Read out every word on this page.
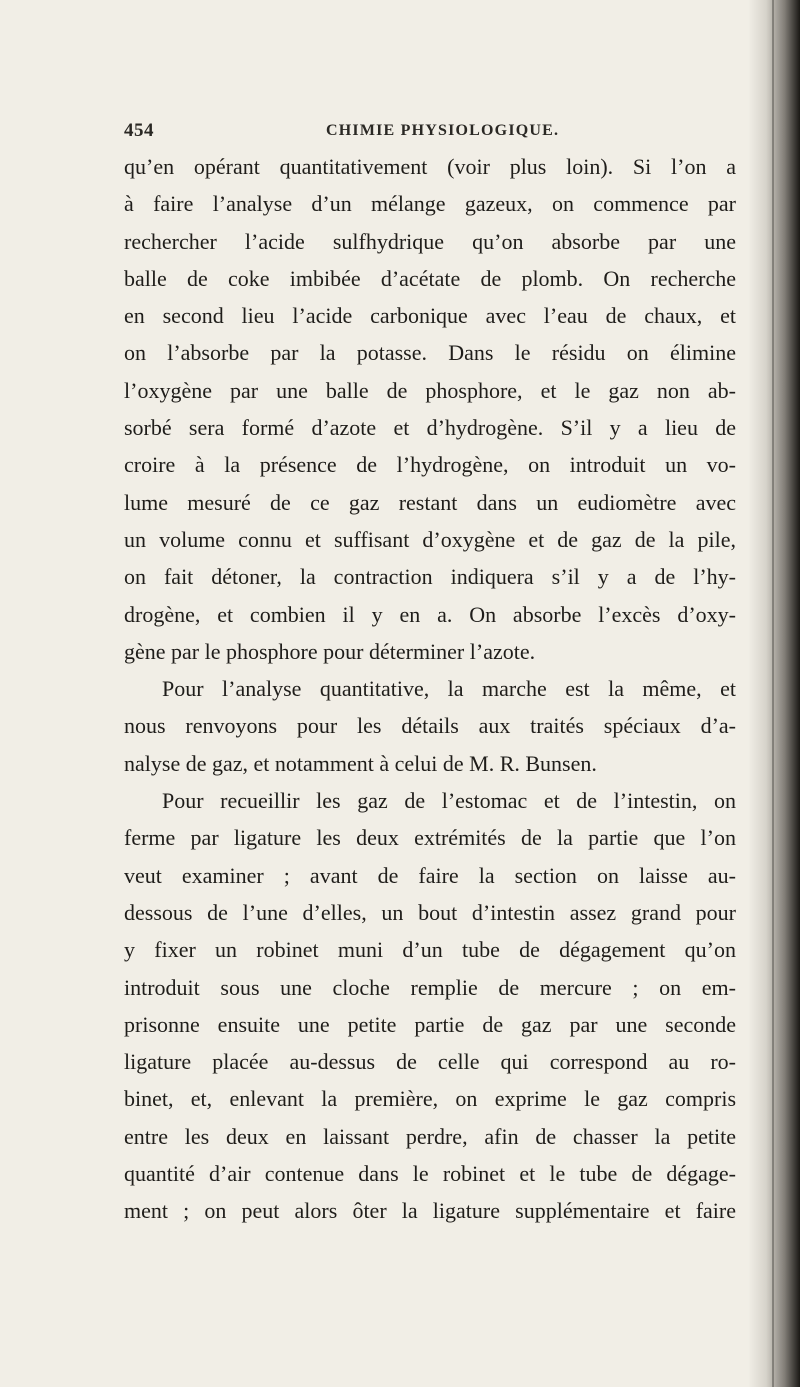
454	CHIMIE PHYSIOLOGIQUE.
qu’en opérant quantitativement (voir plus loin). Si l’on a
à faire l’analyse d’un mélange gazeux, on commence par
rechercher l’acide sulfhydrique qu’on absorbe par une
balle de coke imbibée d’acétate de plomb. On recherche
en second lieu l’acide carbonique avec l’eau de chaux, et
on l’absorbe par la potasse. Dans le résidu on élimine
l’oxygène par une balle de phosphore, et le gaz non ab-
sorbé sera formé d’azote et d’hydrogène. S’il y a lieu de
croire à la présence de l’hydrogène, on introduit un vo-
lume mesuré de ce gaz restant dans un eudiomètre avec
un volume connu et suffisant d’oxygène et de gaz de la pile,
on fait détoner, la contraction indiquera s’il y a de l’hy-
drogène, et combien il y en a. On absorbe l’excès d’oxy-
gène par le phosphore pour déterminer l’azote.
Pour l’analyse quantitative, la marche est la même, et
nous renvoyons pour les détails aux traités spéciaux d’a-
nalyse de gaz, et notamment à celui de M. R. Bunsen.
Pour recueillir les gaz de l’estomac et de l’intestin, on
ferme par ligature les deux extrémités de la partie que l’on
veut examiner ; avant de faire la section on laisse au-
dessous de l’une d’elles, un bout d’intestin assez grand pour
y fixer un robinet muni d’un tube de dégagement qu’on
introduit sous une cloche remplie de mercure ; on em-
prisonne ensuite une petite partie de gaz par une seconde
ligature placée au-dessus de celle qui correspond au ro-
binet, et, enlevant la première, on exprime le gaz compris
entre les deux en laissant perdre, afin de chasser la petite
quantité d’air contenue dans le robinet et le tube de dégage-
ment ; on peut alors ôter la ligature supplémentaire et faire
